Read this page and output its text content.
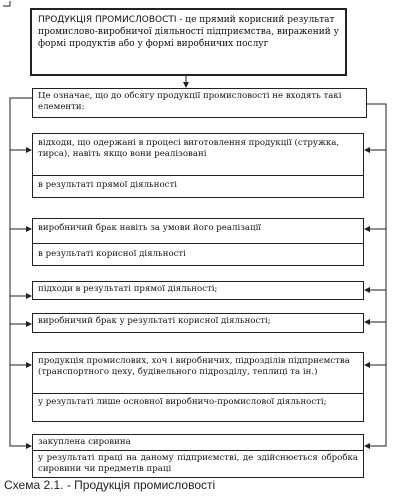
ПРОДУКЦІЯ ПРОМИСЛОВОСТІ - це прямий корисний результат промислово-виробничої діяльності підприємства, виражений у формі продуктів або у формі виробничих послуг
Це означає, що до обсягу продукції промисловості не входять такі елементи:
відходи, що одержані в процесі виготовлення продукції (стружка, тирса), навіть якщо вони реалізовані
в результаті прямої діяльності
виробничий брак навіть за умови його реалізації
в результаті корисної діяльності
підходи в результаті прямої діяльності;
виробничий брак у результаті корисної діяльності;
продукція промислових, хоч і виробничих, підрозділів підприємства (транспортного цеху, будівельного підрозділу, теплиці та ін.)
у результаті лише основної виробничо-промислової діяльності;
закуплена сировина
у результаті праці на даному підприємстві, де здійснюється обробка сировини чи предметів праці
Схема 2.1. - Продукція промисловості
